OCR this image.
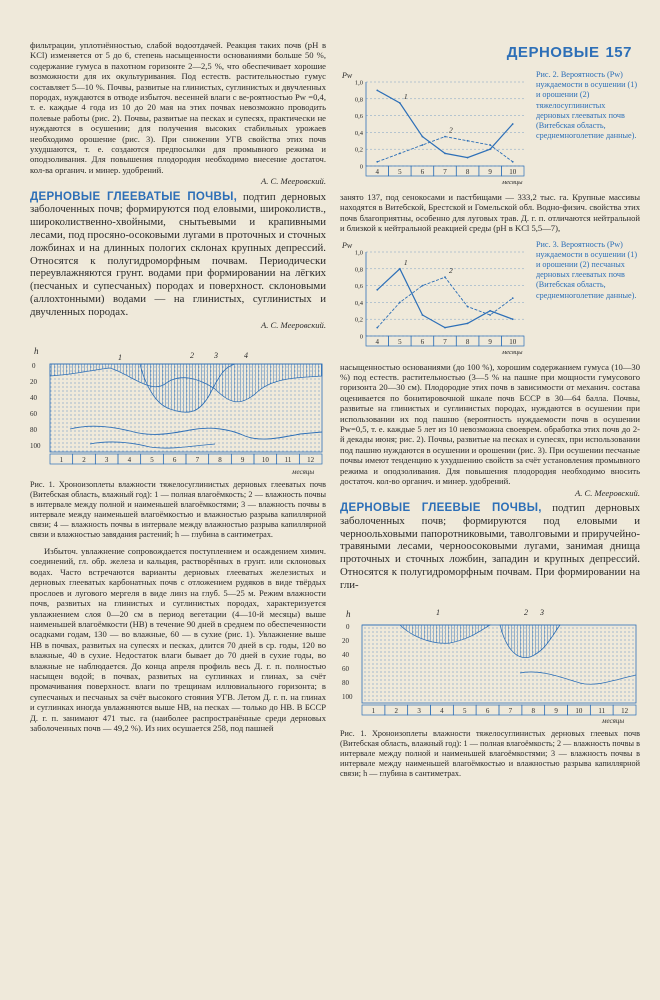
ДЕРНОВЫЕ 157

фильтрации, уплотнённостью, слабой водоотдачей. Реакция таких почв (pH в KCl) изменяется от 5 до 6, степень насыщенности основаниями больше 50 %, содержание гумуса в пахотном горизонте 2—2,5 %, что обеспечивает хорошие возможности для их окультуривания. Под естеств. растительностью гумус составляет 5—10 %. Почвы, развитые на глинистых, суглинистых и двучленных породах, нуждаются в отводе избыточ. весенней влаги с ве-роятностью Pw =0,4, т. е. каждые 4 года из 10 до 20 мая на этих почвах невозможно проводить полевые работы (рис. 2). Почвы, развитые на песках и супесях, практически не нуждаются в осушении; для получения высоких стабильных урожаев необходимо орошение (рис. 3). При снижении УГВ свойства этих почв ухудшаются, т. е. создаются предпосылки для промывного режима и оподзоливания. Для повышения плодородия необходимо внесение достаточ. кол-ва органич. и минер. удобрений.

А. С. Мееровский.

ДЕРНОВЫЕ ГЛЕЕВАТЫЕ ПОЧВЫ, подтип дерновых заболоченных почв; формируются под еловыми, широколиств., широколиственно-хвойными, снытьевыми и крапивными лесами, под просяно-осоковыми лугами в проточных и сточных ложбинах и на длинных пологих склонах крупных депрессий. Относятся к полугидроморфным почвам. Периодически переувлажняются грунт. водами при формировании на лёгких (песчаных и супесчаных) породах и поверхност. склоновыми (аллохтонными) водами — на глинистых, суглинистых и двучленных породах.

А. С. Мееровский.
h
0
20
40
60
80
100
1	2	3	4
1	2	3	4	5	6	7	8	9 10 11 12
месяцы

Рис. 1. Хроноизоплеты влажности тяжелосуглинистых дерновых глееватых почв (Витебская область, влажный год): 1 — полная влагоёмкость; 2 — влажность почвы в интервале между полной и наименьшей влагоёмкостями; 3 — влажность почвы в интервале между наименьшей влагоёмкостью и влажностью разрыва капиллярной связи; 4 — влажность почвы в интервале между влажностью разрыва капиллярной связи и влажностью завядания растений; h — глубина в сантиметрах.

Избыточ. увлажнение сопровождается поступлением и осаждением химич. соединений, гл. обр. железа и кальция, растворённых в грунт. или склоновых водах. Часто встречаются варианты дерновых глееватых железистых и дерновых глееватых карбонатных почв с отложением рудяков в виде твёрдых прослоев и лугового мергеля в виде линз на глуб. 5—25 м. Режим влажности почв, развитых на глинистых и суглинистых породах, характеризуется увлажнением слоя 0—20 см в период вегетации (4—10-й месяцы) выше наименьшей влагоёмкости (НВ) в течение 90 дней в среднем по обеспеченности осадками годам, 130 — во влажные, 60 — в сухие (рис. 1). Увлажнение выше НВ в почвах, развитых на супесях и песках, длится 70 дней в ср. годы, 120 во влажные, 40 в сухие. Недостаток влаги бывает до 70 дней в сухие годы, во влажные не наблюдается. До конца апреля профиль весь Д. г. п. полностью насыщен водой; в почвах, развитых на суглинках и глинах, за счёт промачивания поверхност. влаги по трещинам иллювиального горизонта; в супесчаных и песчаных за счёт высокого стояния УГВ. Летом Д. г. п. на глинах и суглинках иногда увлажняются выше НВ, на песках — только до НВ. В БССР Д. г. п. занимают 471 тыс. га (наиболее распространённые среди дерновых заболоченных почв — 49,2 %). Из них осушается 258, под пашней

Pw
1,0
0,8
0,6
0,4
0,2
0
4	5	6	7	8	9 10
месяцы
1
2

Рис. 2. Вероятность (Pw) нуждаемости в осушении (1) и орошении (2) тяжелосуглинистых дерновых глееватых почв (Витебская область, среднемноголетние данные).

занято 137, под сенокосами и пастбищами — 333,2 тыс. га. Крупные массивы находятся в Витебской, Брестской и Гомельской обл. Водно-физич. свойства этих почв благоприятны, особенно для луговых трав. Д. г. п. отличаются нейтральной и близкой к нейтральной реакцией среды (pH в KCl 5,5—7),

Pw
1,0
0,8
0,6
0,4
0,2
0
4	5	6	7	8	9 10
месяцы
1
2

Рис. 3. Вероятность (Pw) нуждаемости в осушении (1) и орошении (2) песчаных дерновых глееватых почв (Витебская область, среднемноголетние данные).

насыщенностью основаниями (до 100 %), хорошим содержанием гумуса (10—30 %) под естеств. растительностью (3—5 % на пашне при мощности гумусового горизонта 20—30 см). Плодородие этих почв в зависимости от механич. состава оценивается по бонитировочной шкале почв БССР в 30—64 балла. Почвы, развитые на глинистых и суглинистых породах, нуждаются в осушении при использовании их под пашню (вероятность нуждаемости почв в осушении Pw=0,5, т. е. каждые 5 лет из 10 невозможна своеврем. обработка этих почв до 2-й декады июня; рис. 2). Почвы, развитые на песках и супесях, при использовании под пашню нуждаются в осушении и орошении (рис. 3). При осушении песчаные почвы имеют тенденцию к ухудшению свойств за счёт установления промывного режима и оподзоливания. Для повышения плодородия необходимо вносить достаточ. кол-во органич. и минер. удобрений.

А. С. Мееровский.

ДЕРНОВЫЕ ГЛЕЕВЫЕ ПОЧВЫ, подтип дерновых заболоченных почв; формируются под еловыми и черноольховыми папоротниковыми, таволговыми и приручейно-травяными лесами, черноосоковыми лугами, занимая днища проточных и сточных ложбин, западин и крупных депрессий. Относятся к полугидроморфным почвам. При формировании на гли-

h
0
20
40
60
80
100
1	2 3
1	2	3	4	5	6	7	8	9	10 11 12
месяцы

Рис. 1. Хроноизоплеты влажности тяжелосуглинистых дерновых глеевых почв (Витебская область, влажный год): 1 — полная влагоёмкость; 2 — влажность почвы в интервале между полной и наименьшей влагоёмкостями; 3 — влажность почвы в интервале между наименьшей влагоёмкостью и влажностью разрыва капиллярной связи; h — глубина в сантиметрах.
